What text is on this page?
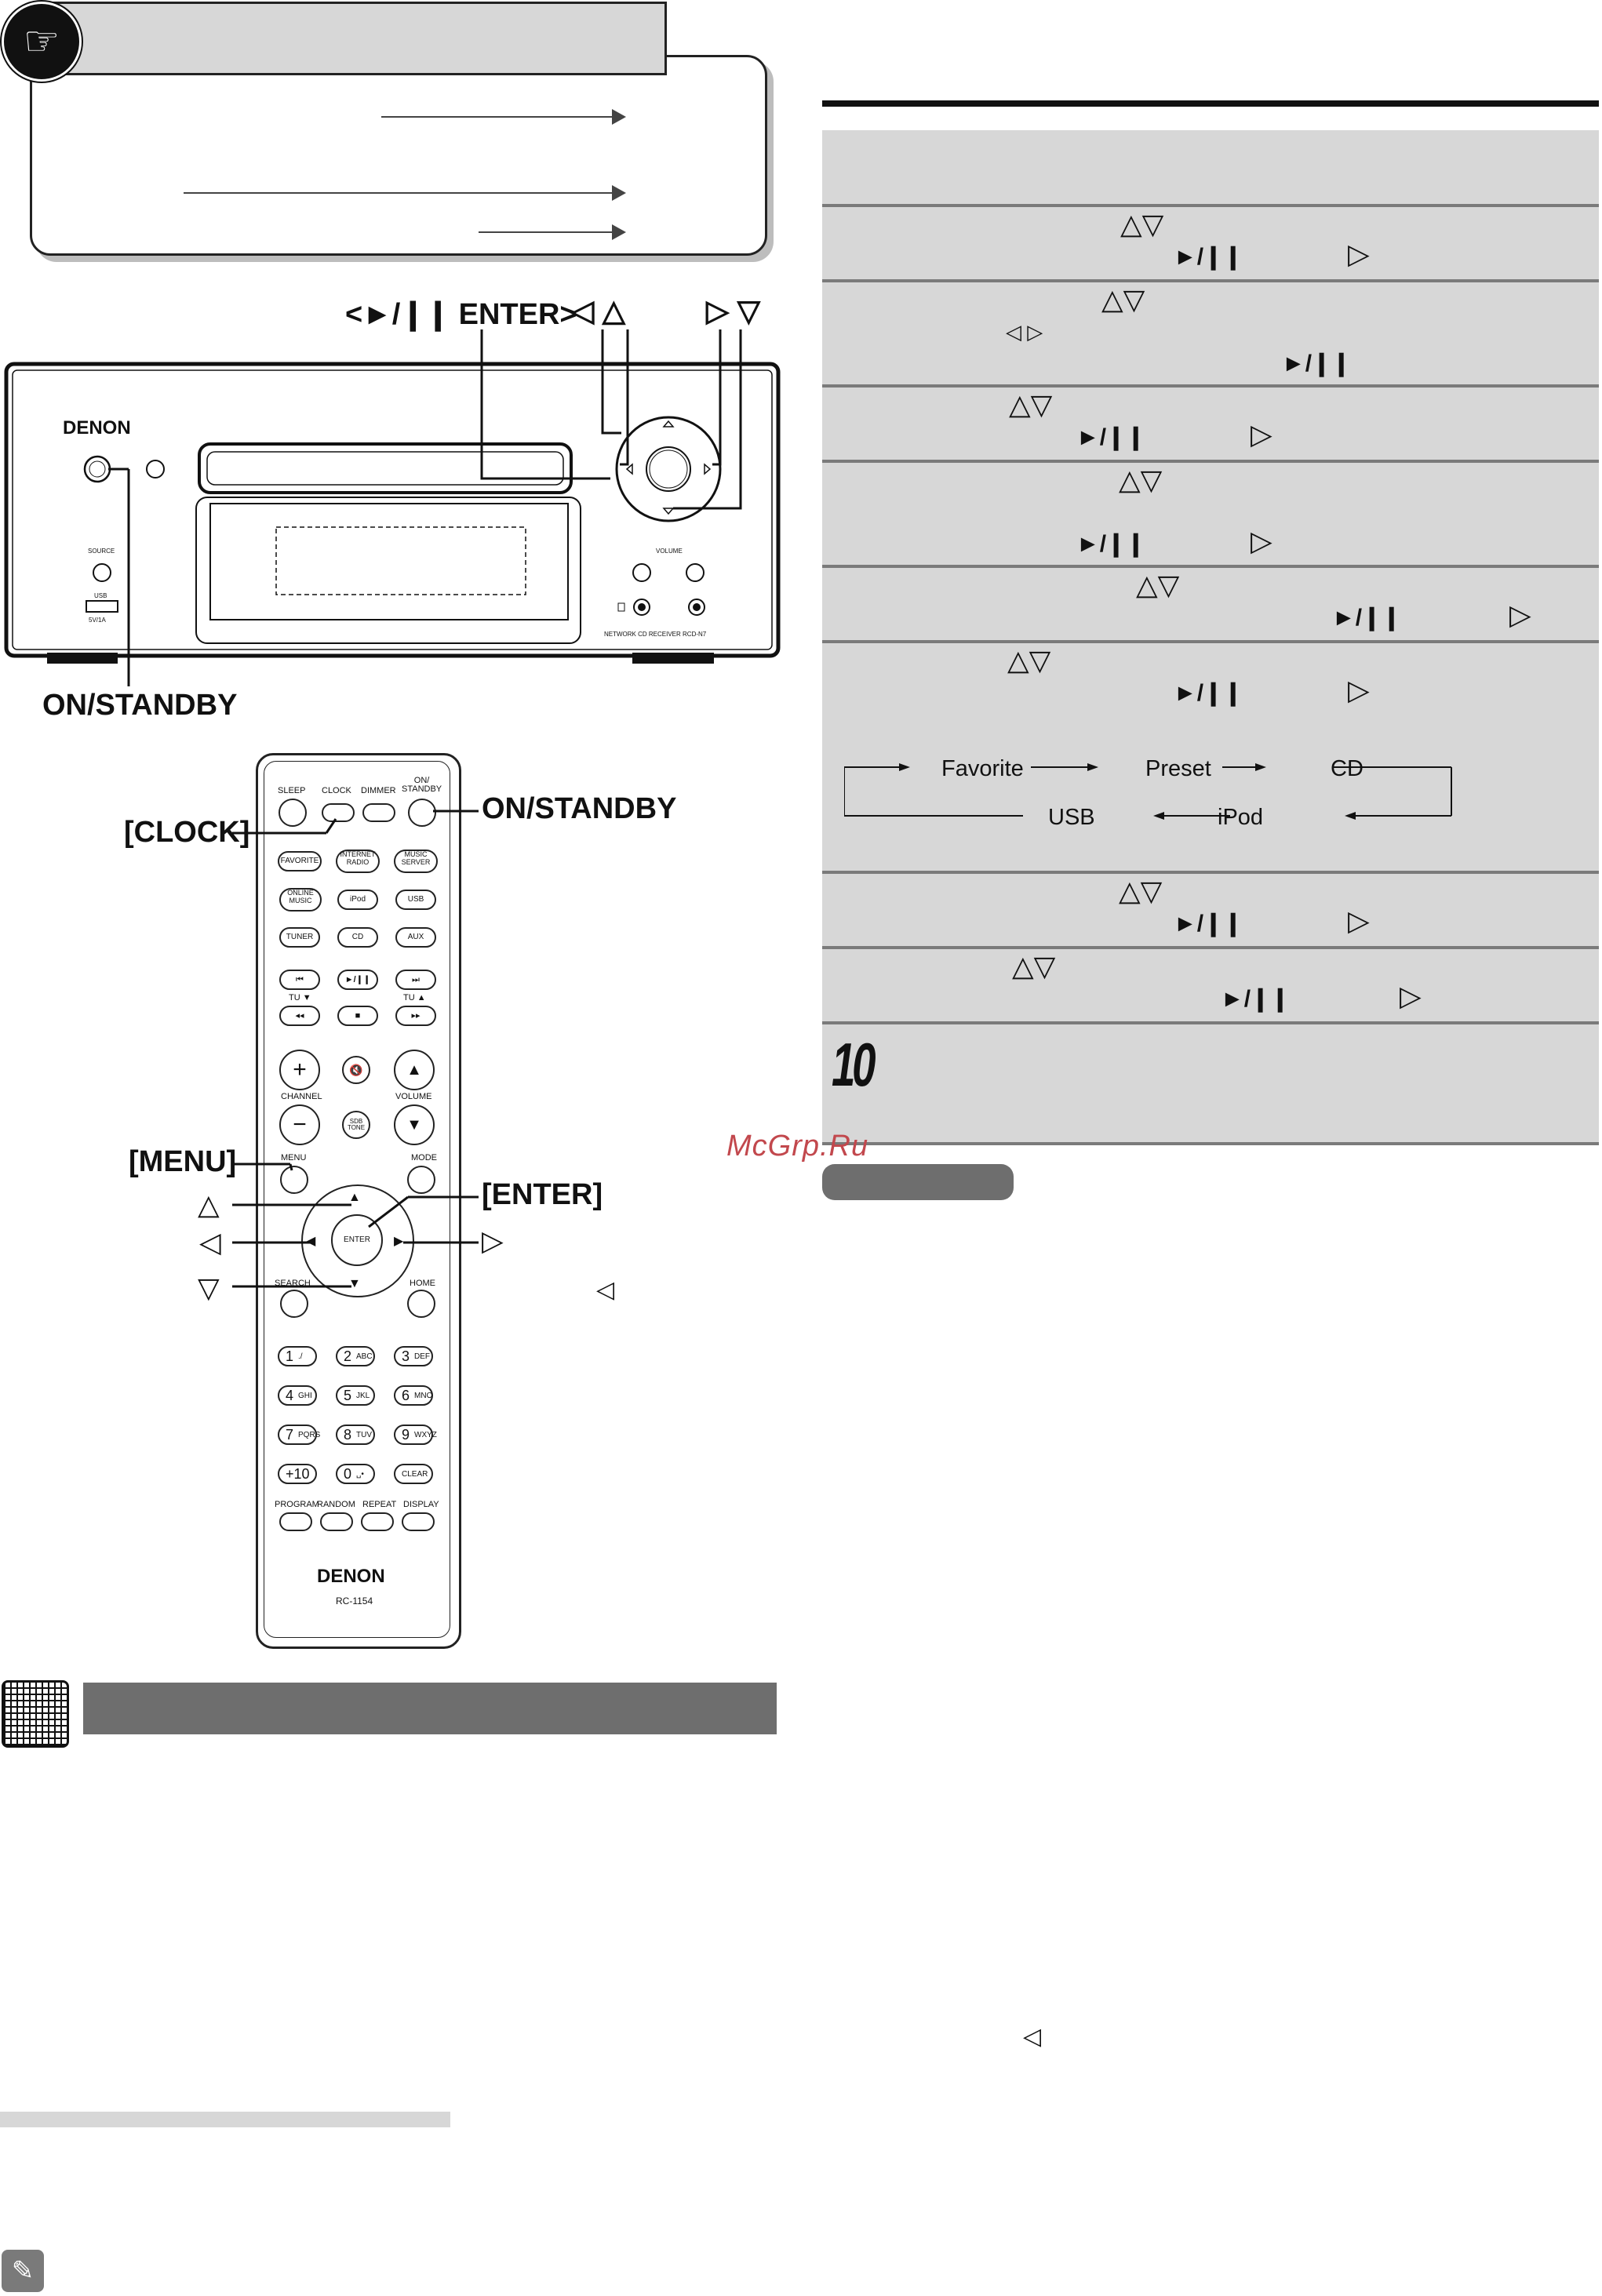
☞
<►/❙❙ ENTER>
◁ △	▷ ▽
DENON
SOURCE
USB
5V/1A
VOLUME
NETWORK CD RECEIVER RCD-N7
ON/STANDBY
SLEEP CLOCK DIMMER
ON/
STANDBY
FAVORITE
INTERNET
RADIO
MUSIC
SERVER
ONLINE
MUSIC	iPod	USB
TUNER	CD	AUX
⏮	►/❙❙	⏭
TU ▼	TU ▲
◂◂	■	▸▸
+	🔇	▲
CHANNEL	VOLUME
−	SDB
TONE	▼
MENU	MODE
▲
▼
◀	▶
ENTER
SEARCH	HOME
1 ./	2 ABC 3 DEF
4 GHI 5 JKL 6 MNO
7 PQRS 8 TUV 9 WXYZ
+10 0 ␣•	CLEAR
PROGRAM
RANDOM REPEAT DISPLAY
DENON
RC-1154
[CLOCK]
ON/STANDBY
[MENU]
[ENTER]
△
◁
▽
▷
◁
✎
△▽
►/❙❙	▷
△▽
◁ ▷
►/❙❙
△▽
►/❙❙	▷
△▽
►/❙❙	▷
△▽
►/❙❙	▷
△▽
►/❙❙	▷
Favorite	Preset	CD
iPod
USB
△▽
►/❙❙	▷
△▽
►/❙❙	▷
10
McGrp.Ru
◁
